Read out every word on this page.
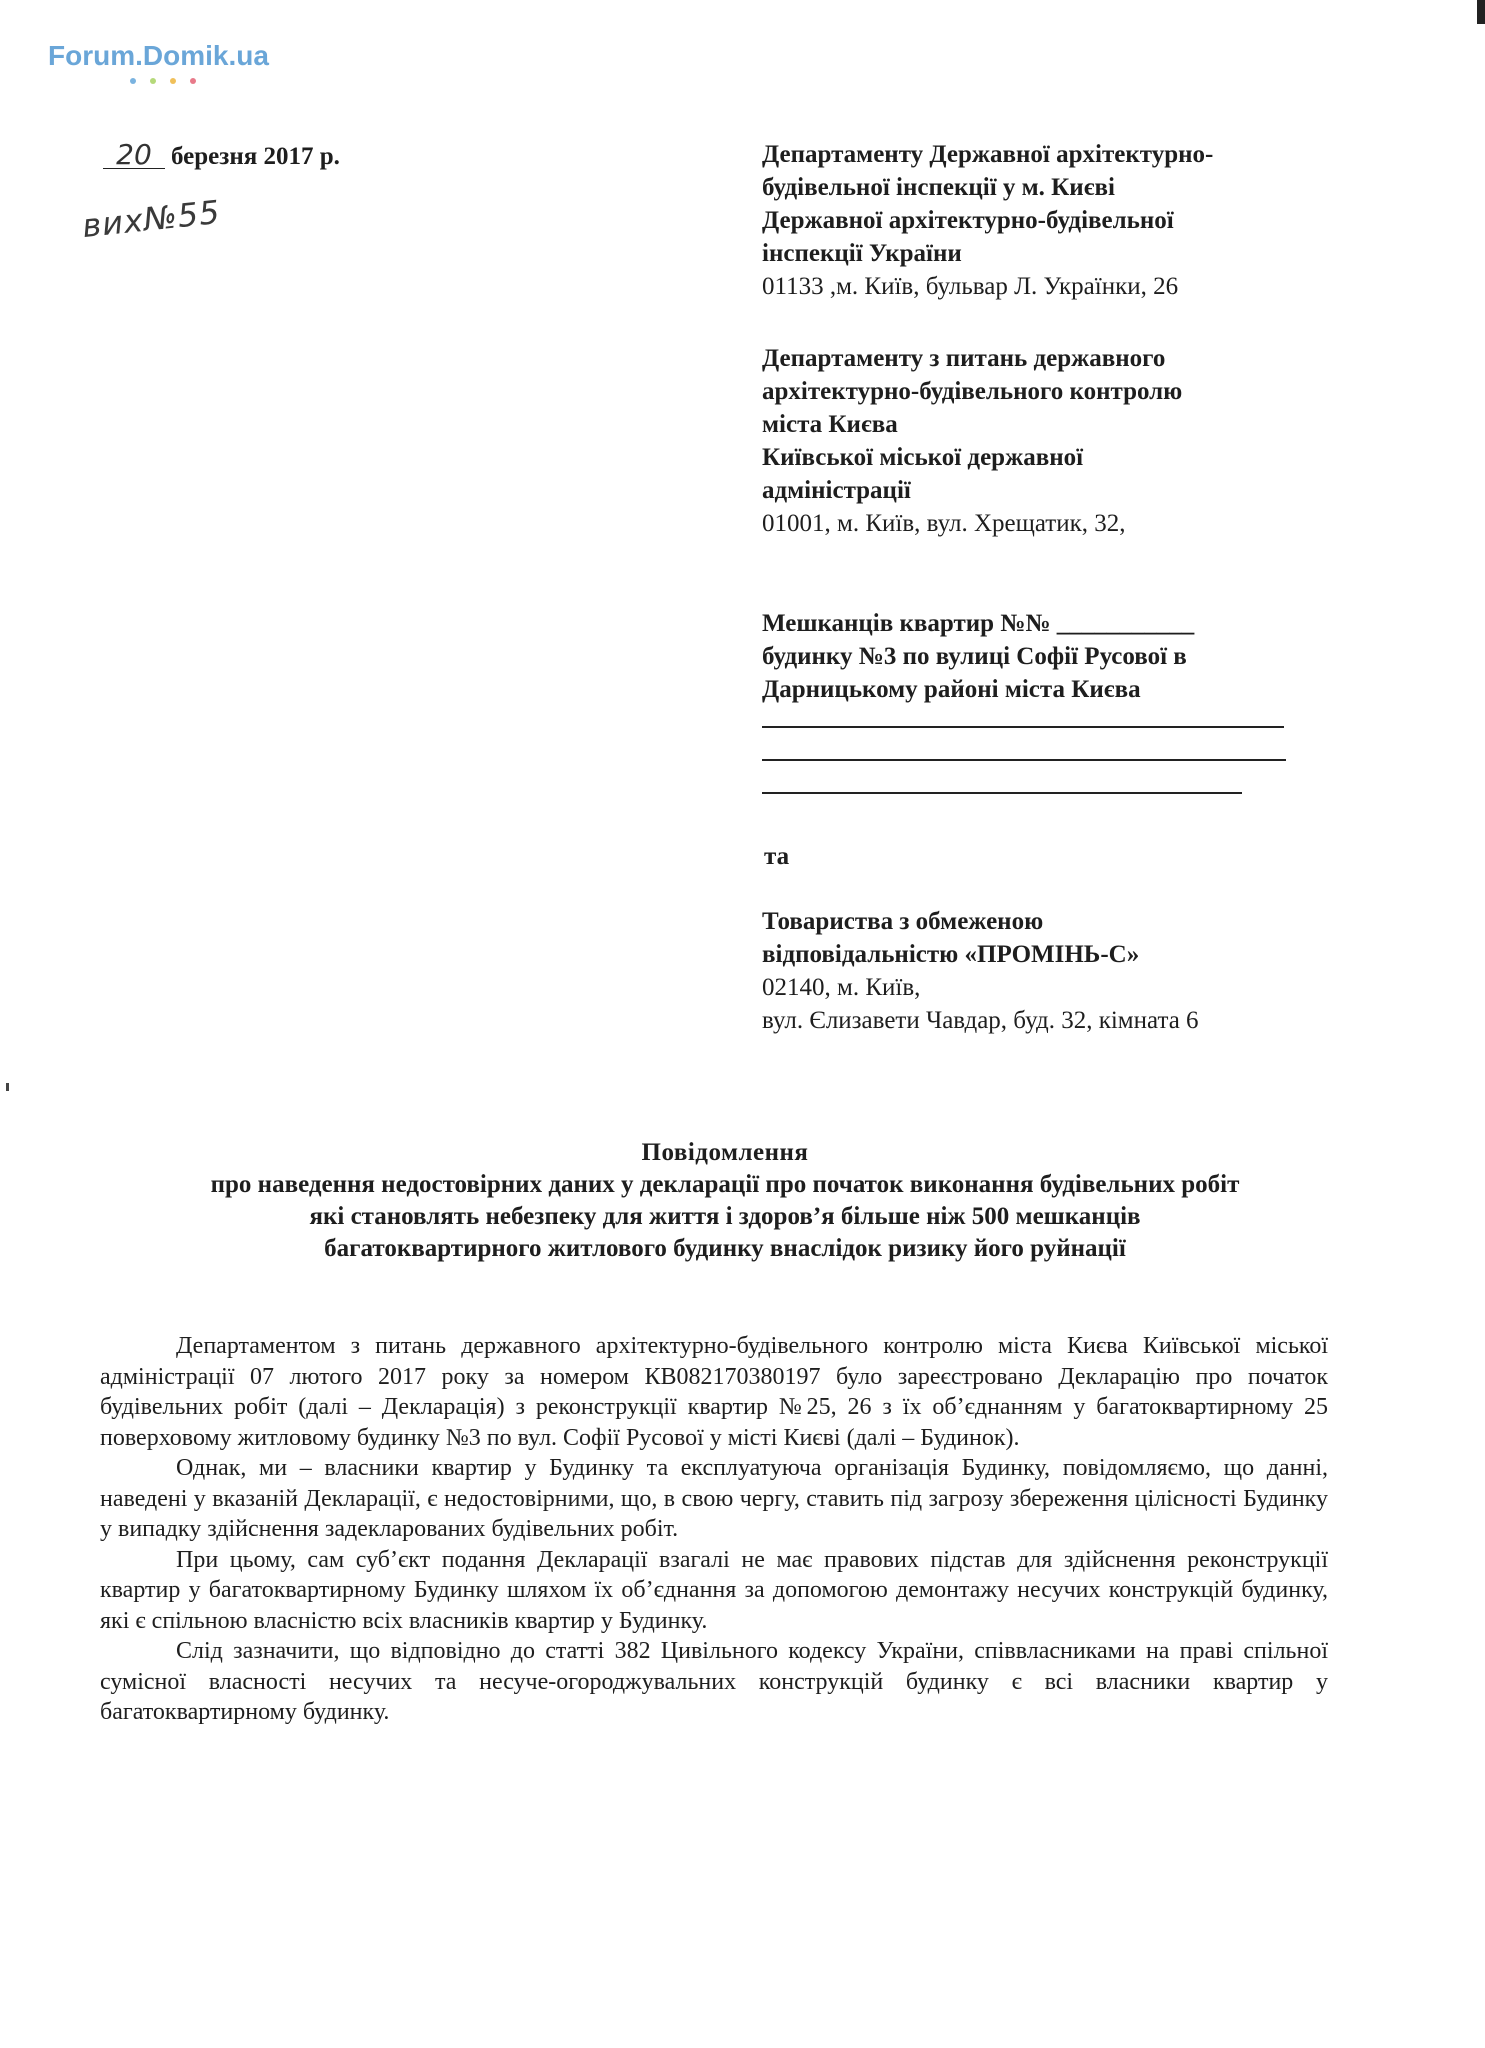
Forum.Domik.ua
20 березня 2017 р.
вих№55
Департаменту Державної архітектурно-
будівельної інспекції у м. Києві
Державної архітектурно-будівельної
інспекції України
01133 ,м. Київ, бульвар Л. Українки, 26
Департаменту з питань державного
архітектурно-будівельного контролю
міста Києва
Київської міської державної
адміністрації
01001, м. Київ, вул. Хрещатик, 32,
Мешканців квартир №№ ___________
будинку №3 по вулиці Софії Русової в
Дарницькому районі міста Києва
та
Товариства з обмеженою
відповідальністю «ПРОМІНЬ-С»
02140, м. Київ,
вул. Єлизавети Чавдар, буд. 32, кімната 6
Повідомлення
про наведення недостовірних даних у декларації про початок виконання будівельних робіт
які становлять небезпеку для життя і здоров’я більше ніж 500 мешканців
багатоквартирного житлового будинку внаслідок ризику його руйнації

Департаментом з питань державного архітектурно-будівельного контролю міста Києва Київської міської адміністрації 07 лютого 2017 року за номером КВ082170380197 було зареєстровано Декларацію про початок будівельних робіт (далі – Декларація) з реконструкції квартир №25, 26 з їх об’єднанням у багатоквартирному 25 поверховому житловому будинку №3 по вул. Софії Русової у місті Києві (далі – Будинок).

Однак, ми – власники квартир у Будинку та експлуатуюча організація Будинку, повідомляємо, що данні, наведені у вказаній Декларації, є недостовірними, що, в свою чергу, ставить під загрозу збереження цілісності Будинку у випадку здійснення задекларованих будівельних робіт.

При цьому, сам суб’єкт подання Декларації взагалі не має правових підстав для здійснення реконструкції квартир у багатоквартирному Будинку шляхом їх об’єднання за допомогою демонтажу несучих конструкцій будинку, які є спільною власністю всіх власників квартир у Будинку.

Слід зазначити, що відповідно до статті 382 Цивільного кодексу України, співвласниками на праві спільної сумісної власності несучих та несуче-огороджувальних конструкцій будинку є всі власники квартир у багатоквартирному будинку.
